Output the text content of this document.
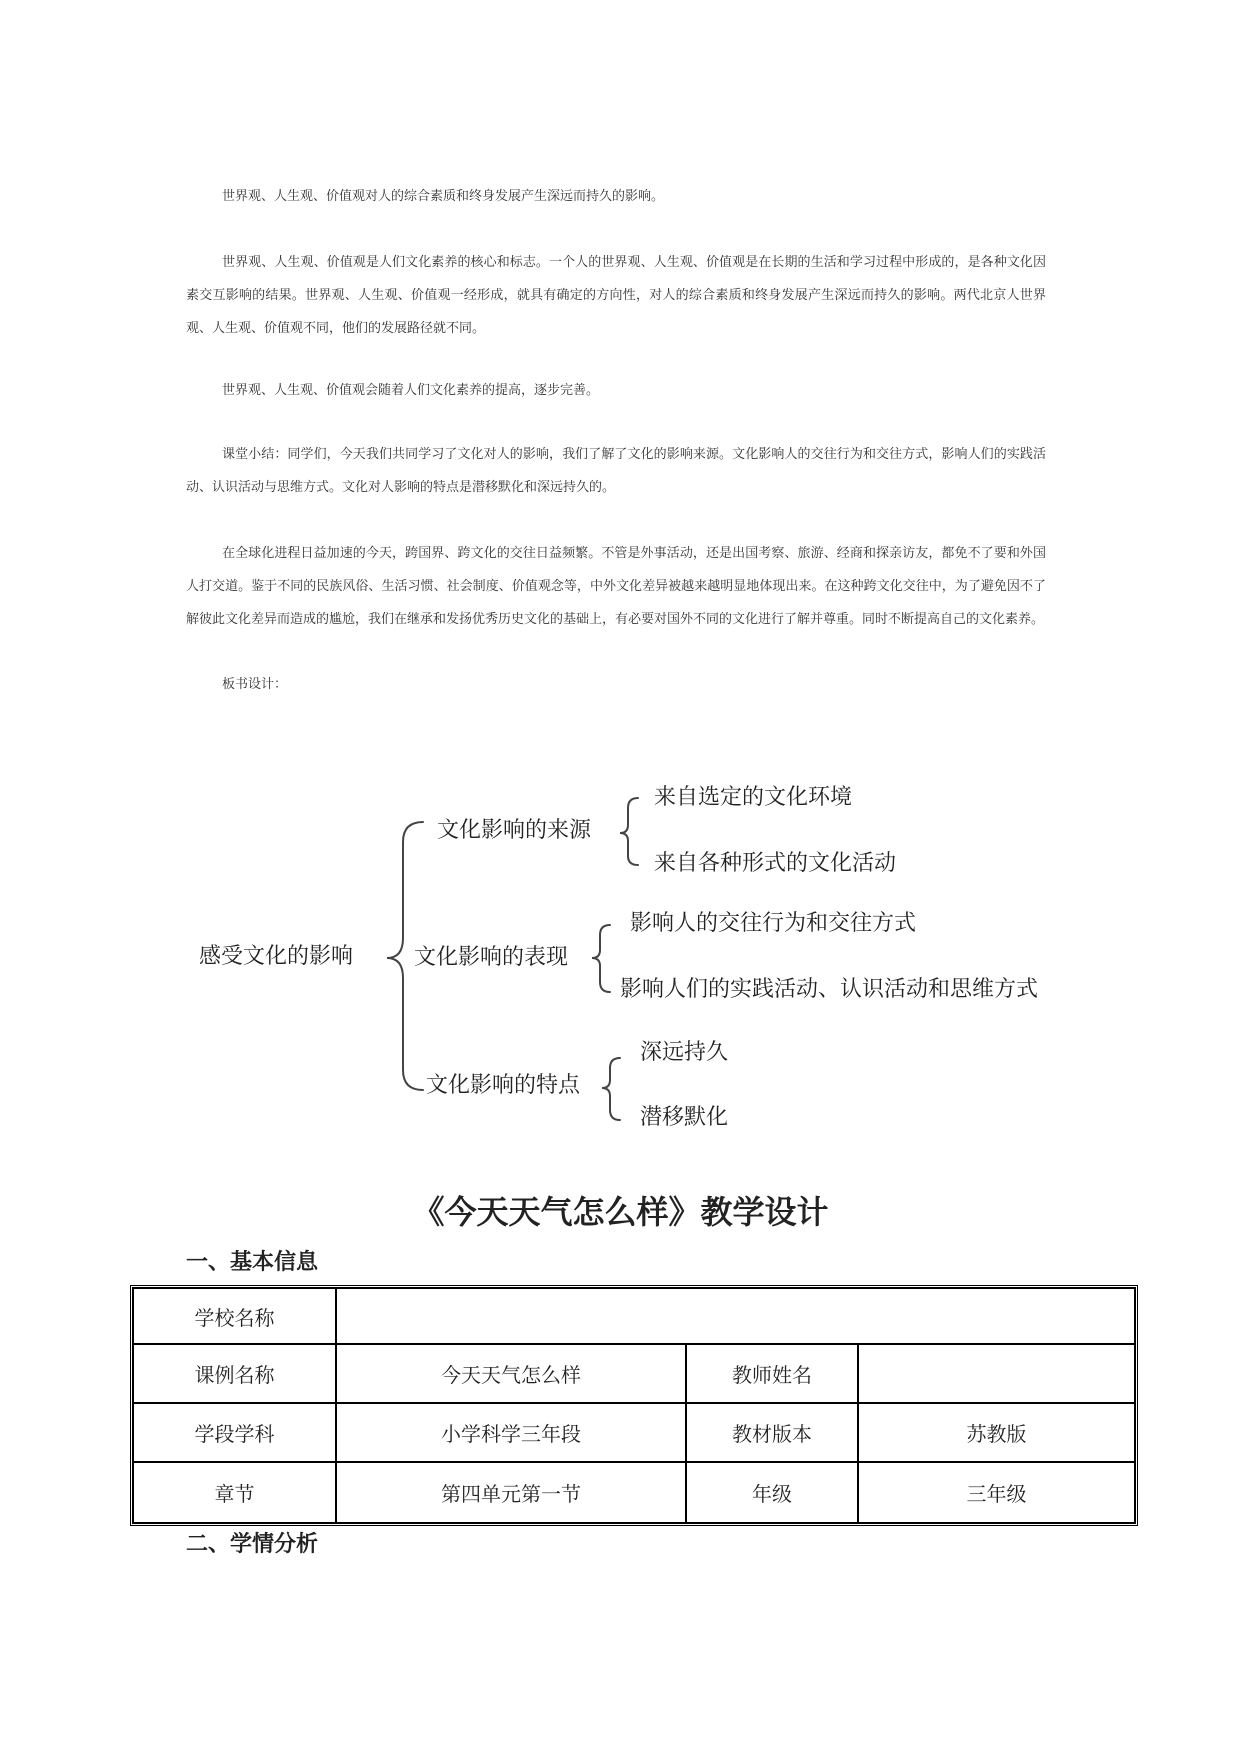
世界观、人生观、价值观对人的综合素质和终身发展产生深远而持久的影响。

世界观、人生观、价值观是人们文化素养的核心和标志。一个人的世界观、人生观、价值观是在长期的生活和学习过程中形成的，是各种文化因素交互影响的结果。世界观、人生观、价值观一经形成，就具有确定的方向性，对人的综合素质和终身发展产生深远而持久的影响。两代北京人世界观、人生观、价值观不同，他们的发展路径就不同。

世界观、人生观、价值观会随着人们文化素养的提高，逐步完善。

课堂小结：同学们，今天我们共同学习了文化对人的影响，我们了解了文化的影响来源。文化影响人的交往行为和交往方式，影响人们的实践活动、认识活动与思维方式。文化对人影响的特点是潜移默化和深远持久的。

在全球化进程日益加速的今天，跨国界、跨文化的交往日益频繁。不管是外事活动，还是出国考察、旅游、经商和探亲访友，都免不了要和外国人打交道。鉴于不同的民族风俗、生活习惯、社会制度、价值观念等，中外文化差异被越来越明显地体现出来。在这种跨文化交往中，为了避免因不了解彼此文化差异而造成的尴尬，我们在继承和发扬优秀历史文化的基础上，有必要对国外不同的文化进行了解并尊重。同时不断提高自己的文化素养。

板书设计：

感受文化的影响
文化影响的来源
来自选定的文化环境
来自各种形式的文化活动
文化影响的表现
影响人的交往行为和交往方式
影响人们的实践活动、认识活动和思维方式
文化影响的特点
深远持久
潜移默化
《今天天气怎么样》教学设计
一、基本信息
学校名称			
课例名称	今天天气怎么样	教师姓名	
学段学科	小学科学三年段	教材版本	苏教版
章节	第四单元第一节	年级	三年级
二、学情分析
